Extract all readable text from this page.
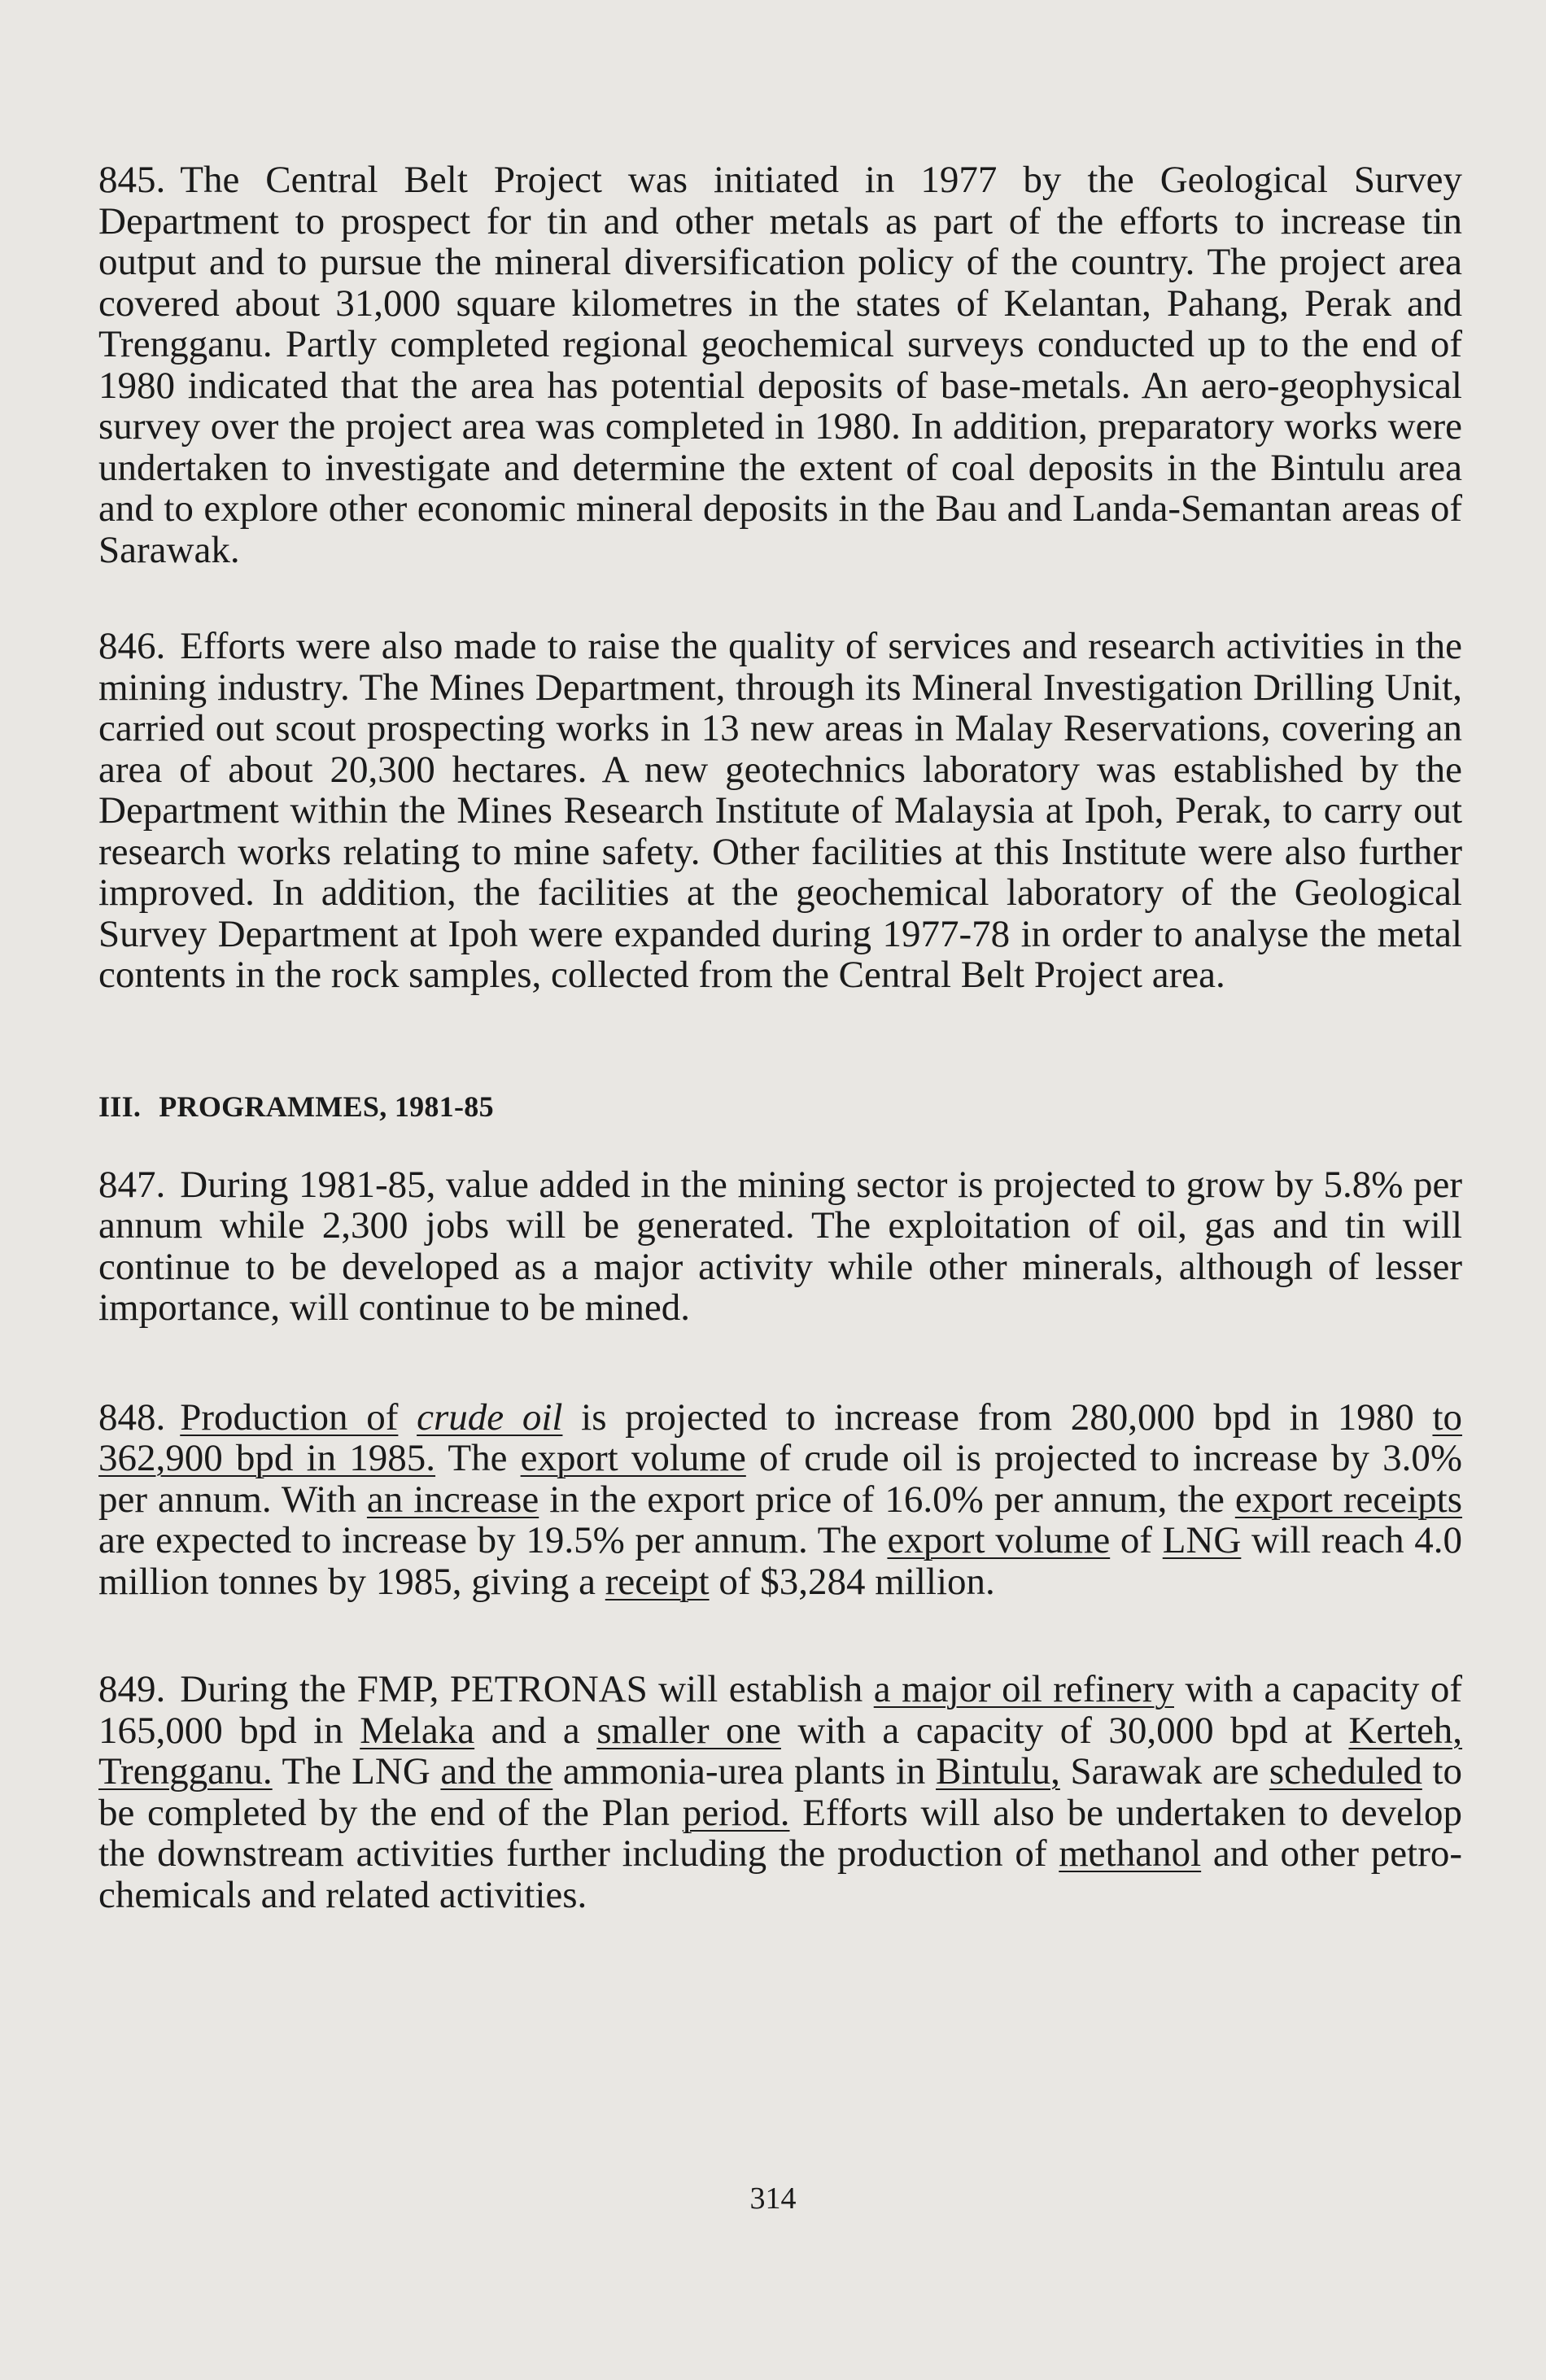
845. The Central Belt Project was initiated in 1977 by the Geological Survey Department to prospect for tin and other metals as part of the efforts to increase tin output and to pursue the mineral diversification policy of the country. The project area covered about 31,000 square kilometres in the states of Kelantan, Pahang, Perak and Trengganu. Partly completed regional geochemical surveys conducted up to the end of 1980 indicated that the area has potential deposits of base-metals. An aero-geophysical survey over the project area was completed in 1980. In addition, preparatory works were undertaken to investigate and determine the extent of coal deposits in the Bintulu area and to explore other economic mineral deposits in the Bau and Landa-Semantan areas of Sarawak.

846. Efforts were also made to raise the quality of services and research activities in the mining industry. The Mines Department, through its Mineral Investigation Drilling Unit, carried out scout prospecting works in 13 new areas in Malay Reservations, covering an area of about 20,300 hectares. A new geotechnics laboratory was established by the Department within the Mines Research Institute of Malaysia at Ipoh, Perak, to carry out research works relating to mine safety. Other facilities at this Institute were also further improved. In addition, the facilities at the geochemical laboratory of the Geological Survey Department at Ipoh were expanded during 1977-78 in order to analyse the metal contents in the rock samples, collected from the Central Belt Project area.

III. PROGRAMMES, 1981-85

847. During 1981-85, value added in the mining sector is projected to grow by 5.8% per annum while 2,300 jobs will be generated. The exploitation of oil, gas and tin will continue to be developed as a major activity while other minerals, although of lesser importance, will continue to be mined.

848. Production of crude oil is projected to increase from 280,000 bpd in 1980 to 362,900 bpd in 1985. The export volume of crude oil is projected to increase by 3.0% per annum. With an increase in the export price of 16.0% per annum, the export receipts are expected to increase by 19.5% per annum. The export volume of LNG will reach 4.0 million tonnes by 1985, giving a receipt of $3,284 million.

849. During the FMP, PETRONAS will establish a major oil refinery with a capacity of 165,000 bpd in Melaka and a smaller one with a capacity of 30,000 bpd at Kerteh, Trengganu. The LNG and the ammonia-urea plants in Bintulu, Sarawak are scheduled to be completed by the end of the Plan period. Efforts will also be undertaken to develop the downstream activities further including the production of methanol and other petro-chemicals and related activities.

314
